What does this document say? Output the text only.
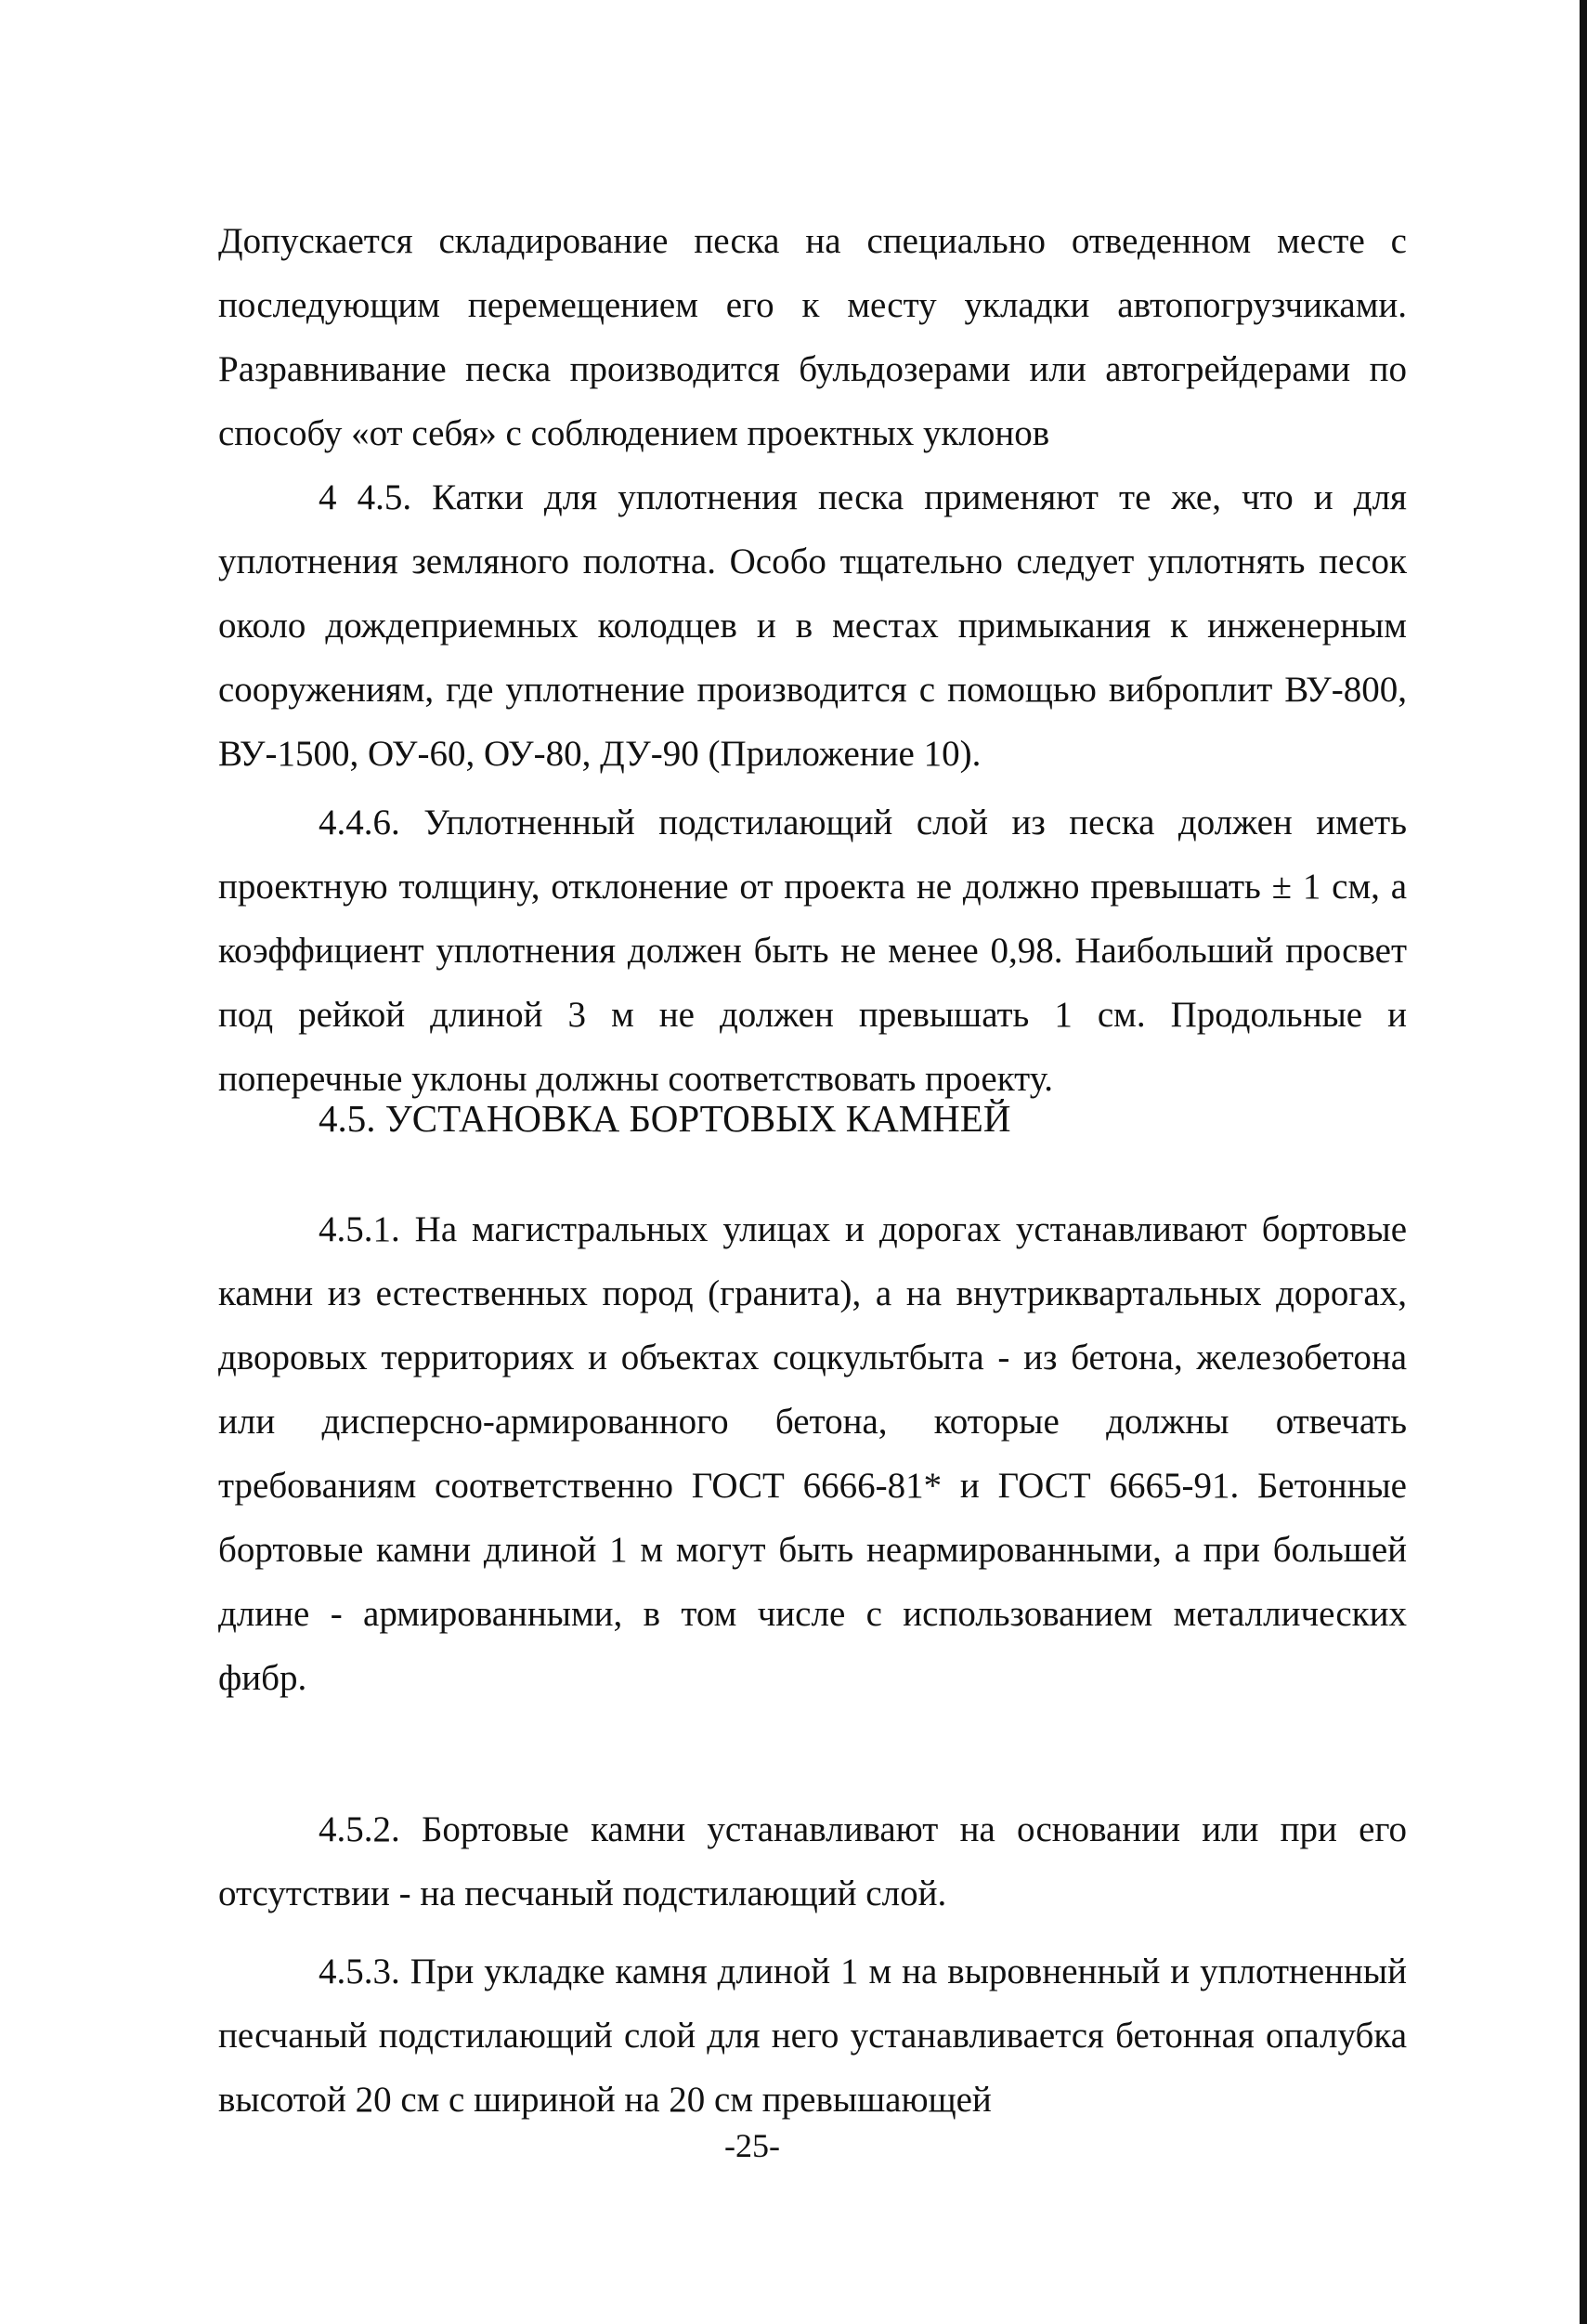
Допускается складирование песка на специально отведенном месте с последующим перемещением его к месту укладки автопогрузчиками. Разравнивание песка производится бульдозерами или автогрейдерами по способу «от себя» с соблюдением проектных уклонов

4 4.5. Катки для уплотнения песка применяют те же, что и для уплотнения земляного полотна. Особо тщательно следует уплотнять песок около дождеприемных колодцев и в местах примыкания к инженерным сооружениям, где уплотнение производится с помощью виброплит ВУ-800, ВУ-1500, ОУ-60, ОУ-80, ДУ-90 (Приложение 10).

4.4.6. Уплотненный подстилающий слой из песка должен иметь проектную толщину, отклонение от проекта не должно превышать ± 1 см, а коэффициент уплотнения должен быть не менее 0,98. Наибольший просвет под рейкой длиной 3 м не должен превышать 1 см. Продольные и поперечные уклоны должны соответствовать проекту.

4.5. УСТАНОВКА БОРТОВЫХ КАМНЕЙ

4.5.1. На магистральных улицах и дорогах устанавливают бортовые камни из естественных пород (гранита), а на внутриквартальных дорогах, дворовых территориях и объектах соцкультбыта - из бетона, железобетона или дисперсно-армированного бетона, которые должны отвечать требованиям соответственно ГОСТ 6666-81* и ГОСТ 6665-91. Бетонные бортовые камни длиной 1 м могут быть неармированными, а при большей длине - армированными, в том числе с использованием металлических фибр.

4.5.2. Бортовые камни устанавливают на основании или при его отсутствии - на песчаный подстилающий слой.

4.5.3. При укладке камня длиной 1 м на выровненный и уплотненный песчаный подстилающий слой для него устанавливается бетонная опалубка высотой 20 см с шириной на 20 см превышающей

-25-
